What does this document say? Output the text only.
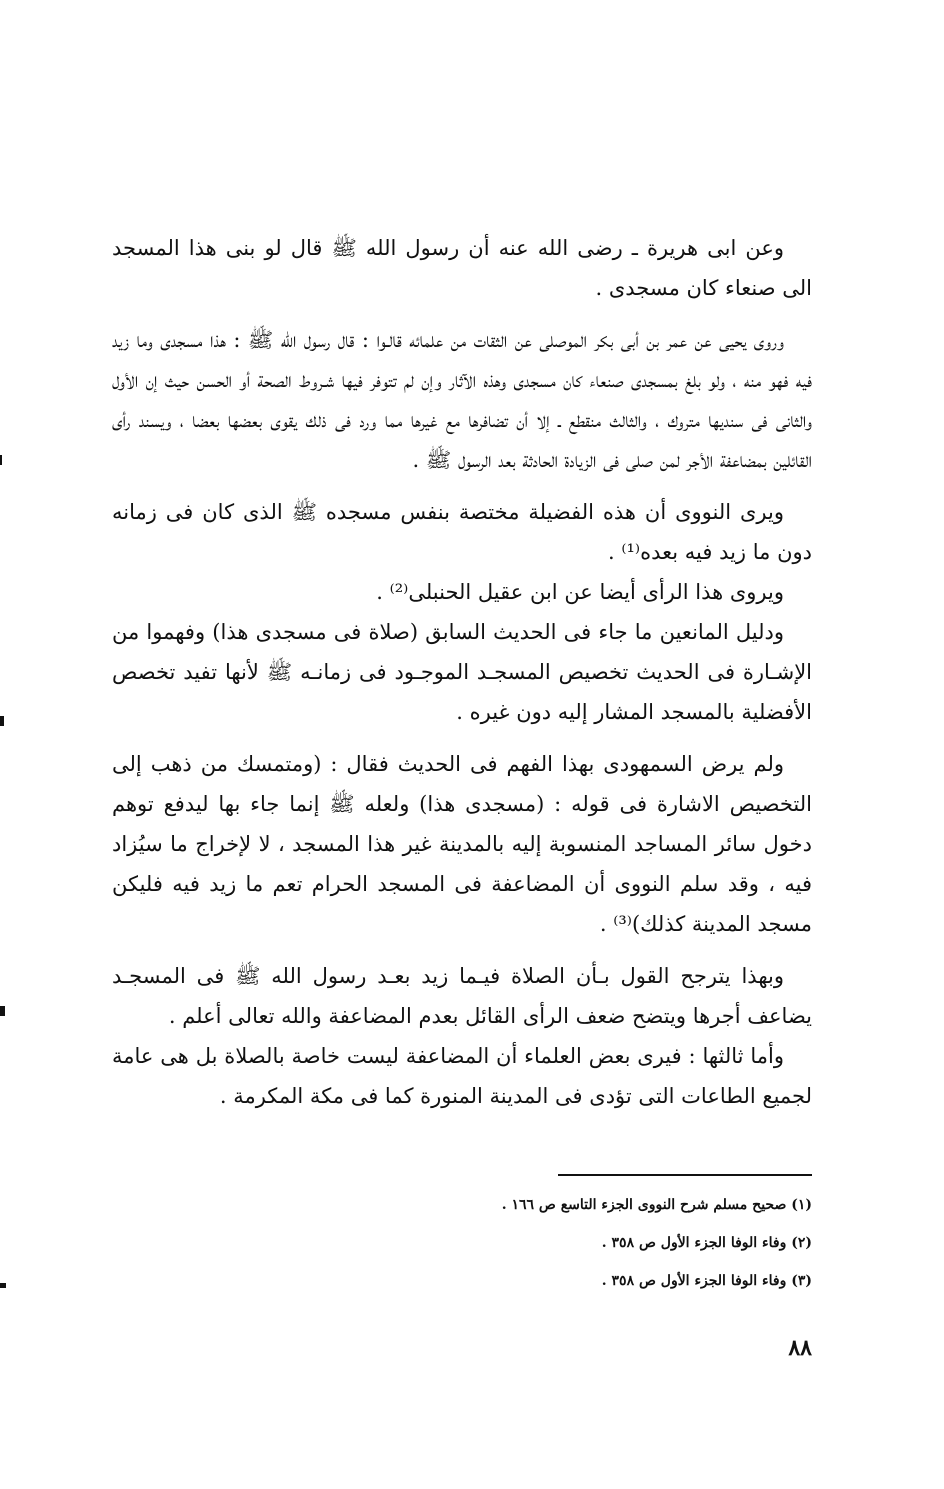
وعن ابى هريرة ـ رضى الله عنه أن رسول الله ﷺ قال لو بنى هذا المسجد الى صنعاء كان مسجدى .

وروى يحيى عن عمر بن أبى بكر الموصلى عن الثقات من علمائه قالـوا : قال رسول الله ﷺ : هذا مسجدى وما زيد فيه فهو منه ، ولو بلغ بمسجدى صنعاء كان مسجدى وهذه الآثار وإن لم تتوفر فيها شـروط الصحة أو الحسن حيث إن الأول والثانى فى سنديها متروك ، والثالث منقطع ـ إلا أن تضافرها مع غيرها مما ورد فى ذلك يقوى بعضها بعضا ، ويسند رأى القائلين بمضاعفة الأجر لمن صلى فى الزيادة الحادثة بعد الرسول ﷺ .

ويرى النووى أن هذه الفضيلة مختصة بنفس مسجده ﷺ الذى كان فى زمانه دون ما زيد فيه بعده⁽¹⁾ .

ويروى هذا الرأى أيضا عن ابن عقيل الحنبلى⁽²⁾ .

ودليل المانعين ما جاء فى الحديث السابق (صلاة فى مسجدى هذا) وفهموا من الإشـارة فى الحديث تخصيص المسجـد الموجـود فى زمانـه ﷺ لأنها تفيد تخصص الأفضلية بالمسجد المشار إليه دون غيره .

ولم يرض السمهودى بهذا الفهم فى الحديث فقال : (ومتمسك من ذهب إلى التخصيص الاشارة فى قوله : (مسجدى هذا) ولعله ﷺ إنما جاء بها ليدفع توهم دخول سائر المساجد المنسوبة إليه بالمدينة غير هذا المسجد ، لا لإخراج ما سيُزاد فيه ، وقد سلم النووى أن المضاعفة فى المسجد الحرام تعم ما زيد فيه فليكن مسجد المدينة كذلك)⁽³⁾ .

وبهذا يترجح القول بـأن الصلاة فيـما زيد بعـد رسول الله ﷺ فى المسجـد يضاعف أجرها ويتضح ضعف الرأى القائل بعدم المضاعفة والله تعالى أعلم .

وأما ثالثها : فيرى بعض العلماء أن المضاعفة ليست خاصة بالصلاة بل هى عامة لجميع الطاعات التى تؤدى فى المدينة المنورة كما فى مكة المكرمة .

(١) صحيح مسلم شرح النووى الجزء التاسع ص ١٦٦ .

(٢) وفاء الوفا الجزء الأول ص ٣٥٨ .

(٣) وفاء الوفا الجزء الأول ص ٣٥٨ .

٨٨
